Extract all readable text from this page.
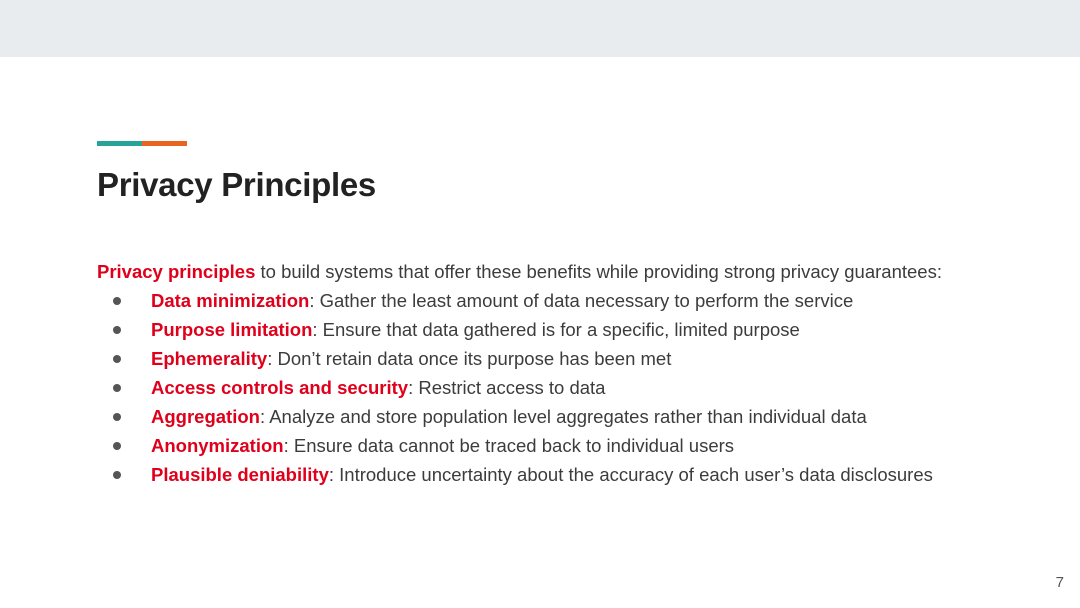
Privacy Principles

Privacy principles to build systems that offer these benefits while providing strong privacy guarantees:

Data minimization: Gather the least amount of data necessary to perform the service
Purpose limitation: Ensure that data gathered is for a specific, limited purpose
Ephemerality: Don’t retain data once its purpose has been met
Access controls and security: Restrict access to data
Aggregation: Analyze and store population level aggregates rather than individual data
Anonymization: Ensure data cannot be traced back to individual users
Plausible deniability: Introduce uncertainty about the accuracy of each user’s data disclosures
7
